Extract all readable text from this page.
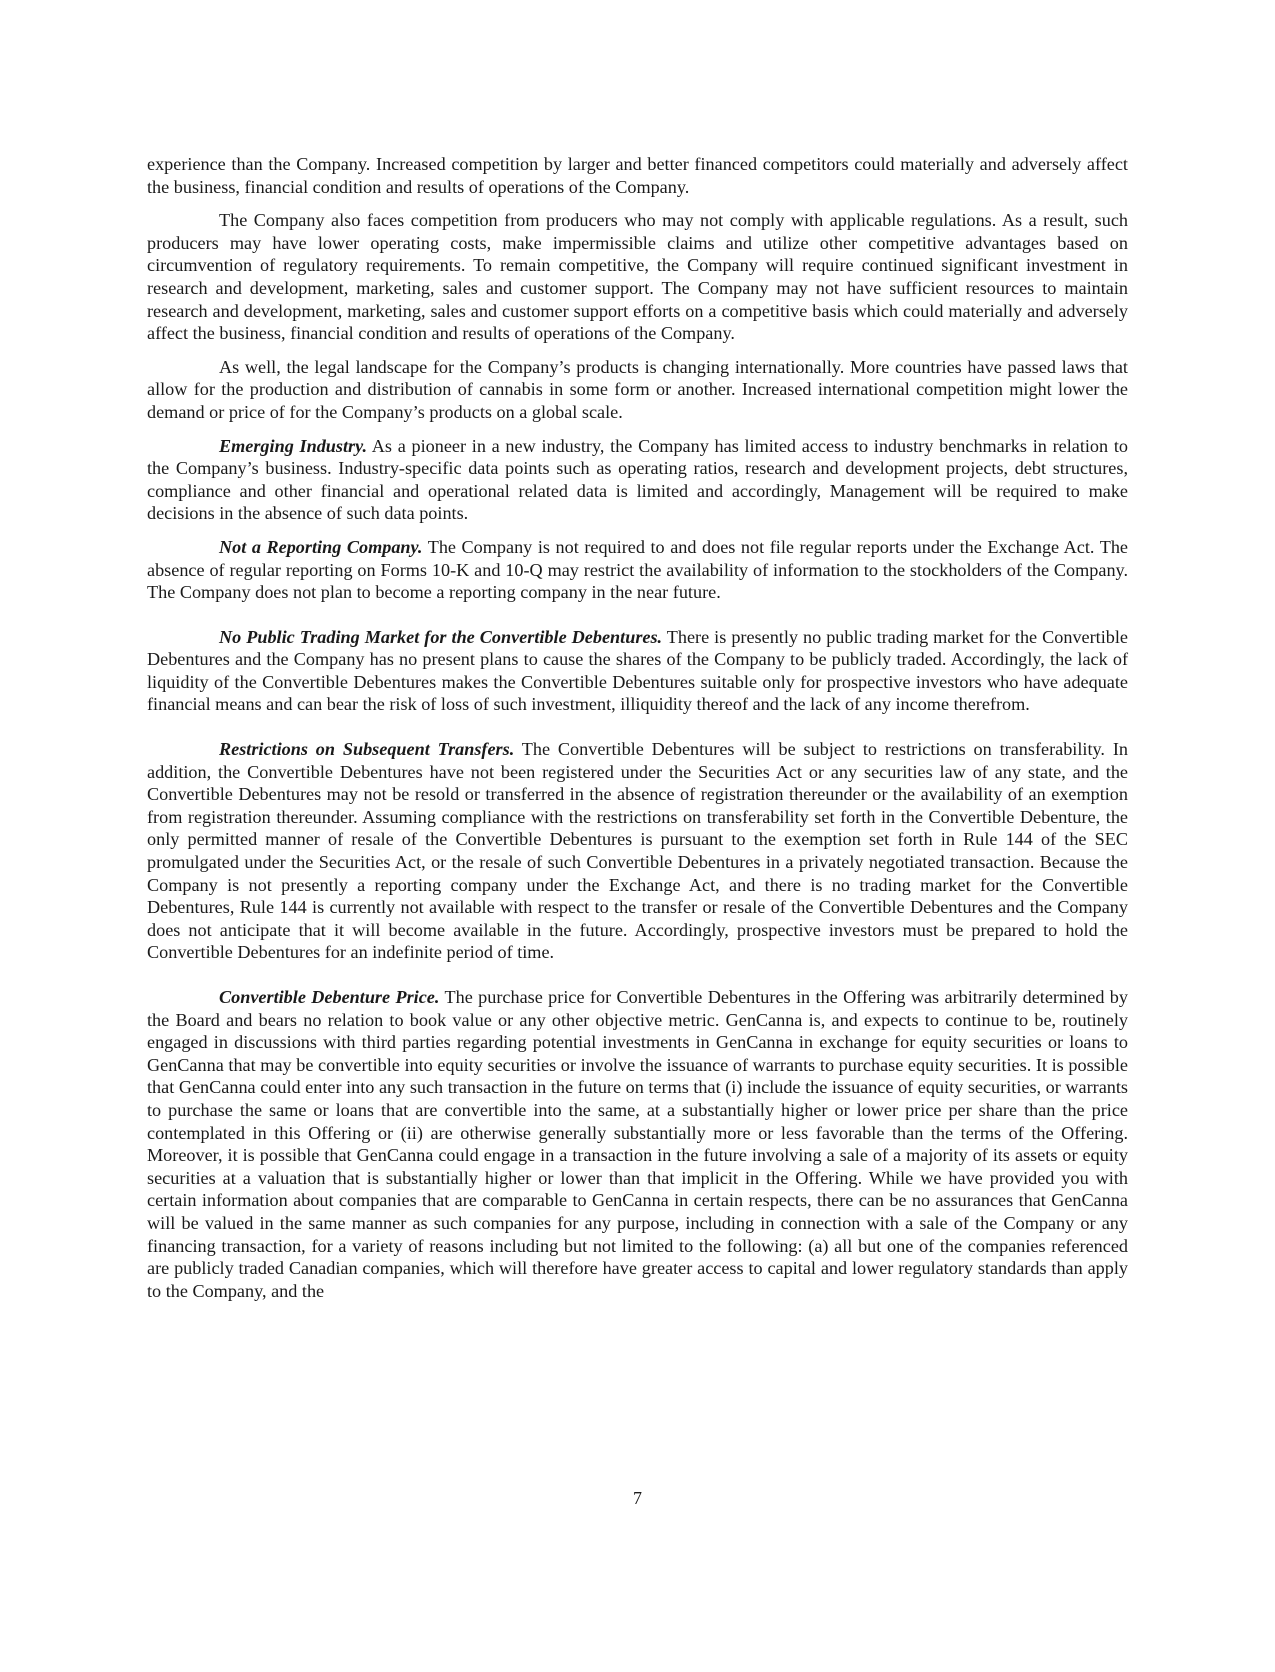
experience than the Company. Increased competition by larger and better financed competitors could materially and adversely affect the business, financial condition and results of operations of the Company.

The Company also faces competition from producers who may not comply with applicable regulations. As a result, such producers may have lower operating costs, make impermissible claims and utilize other competitive advantages based on circumvention of regulatory requirements. To remain competitive, the Company will require continued significant investment in research and development, marketing, sales and customer support. The Company may not have sufficient resources to maintain research and development, marketing, sales and customer support efforts on a competitive basis which could materially and adversely affect the business, financial condition and results of operations of the Company.

As well, the legal landscape for the Company’s products is changing internationally. More countries have passed laws that allow for the production and distribution of cannabis in some form or another. Increased international competition might lower the demand or price of for the Company’s products on a global scale.

Emerging Industry. As a pioneer in a new industry, the Company has limited access to industry benchmarks in relation to the Company’s business. Industry-specific data points such as operating ratios, research and development projects, debt structures, compliance and other financial and operational related data is limited and accordingly, Management will be required to make decisions in the absence of such data points.

Not a Reporting Company. The Company is not required to and does not file regular reports under the Exchange Act. The absence of regular reporting on Forms 10-K and 10-Q may restrict the availability of information to the stockholders of the Company. The Company does not plan to become a reporting company in the near future.

No Public Trading Market for the Convertible Debentures. There is presently no public trading market for the Convertible Debentures and the Company has no present plans to cause the shares of the Company to be publicly traded. Accordingly, the lack of liquidity of the Convertible Debentures makes the Convertible Debentures suitable only for prospective investors who have adequate financial means and can bear the risk of loss of such investment, illiquidity thereof and the lack of any income therefrom.

Restrictions on Subsequent Transfers. The Convertible Debentures will be subject to restrictions on transferability. In addition, the Convertible Debentures have not been registered under the Securities Act or any securities law of any state, and the Convertible Debentures may not be resold or transferred in the absence of registration thereunder or the availability of an exemption from registration thereunder. Assuming compliance with the restrictions on transferability set forth in the Convertible Debenture, the only permitted manner of resale of the Convertible Debentures is pursuant to the exemption set forth in Rule 144 of the SEC promulgated under the Securities Act, or the resale of such Convertible Debentures in a privately negotiated transaction. Because the Company is not presently a reporting company under the Exchange Act, and there is no trading market for the Convertible Debentures, Rule 144 is currently not available with respect to the transfer or resale of the Convertible Debentures and the Company does not anticipate that it will become available in the future. Accordingly, prospective investors must be prepared to hold the Convertible Debentures for an indefinite period of time.

Convertible Debenture Price. The purchase price for Convertible Debentures in the Offering was arbitrarily determined by the Board and bears no relation to book value or any other objective metric. GenCanna is, and expects to continue to be, routinely engaged in discussions with third parties regarding potential investments in GenCanna in exchange for equity securities or loans to GenCanna that may be convertible into equity securities or involve the issuance of warrants to purchase equity securities. It is possible that GenCanna could enter into any such transaction in the future on terms that (i) include the issuance of equity securities, or warrants to purchase the same or loans that are convertible into the same, at a substantially higher or lower price per share than the price contemplated in this Offering or (ii) are otherwise generally substantially more or less favorable than the terms of the Offering. Moreover, it is possible that GenCanna could engage in a transaction in the future involving a sale of a majority of its assets or equity securities at a valuation that is substantially higher or lower than that implicit in the Offering. While we have provided you with certain information about companies that are comparable to GenCanna in certain respects, there can be no assurances that GenCanna will be valued in the same manner as such companies for any purpose, including in connection with a sale of the Company or any financing transaction, for a variety of reasons including but not limited to the following: (a) all but one of the companies referenced are publicly traded Canadian companies, which will therefore have greater access to capital and lower regulatory standards than apply to the Company, and the

7
